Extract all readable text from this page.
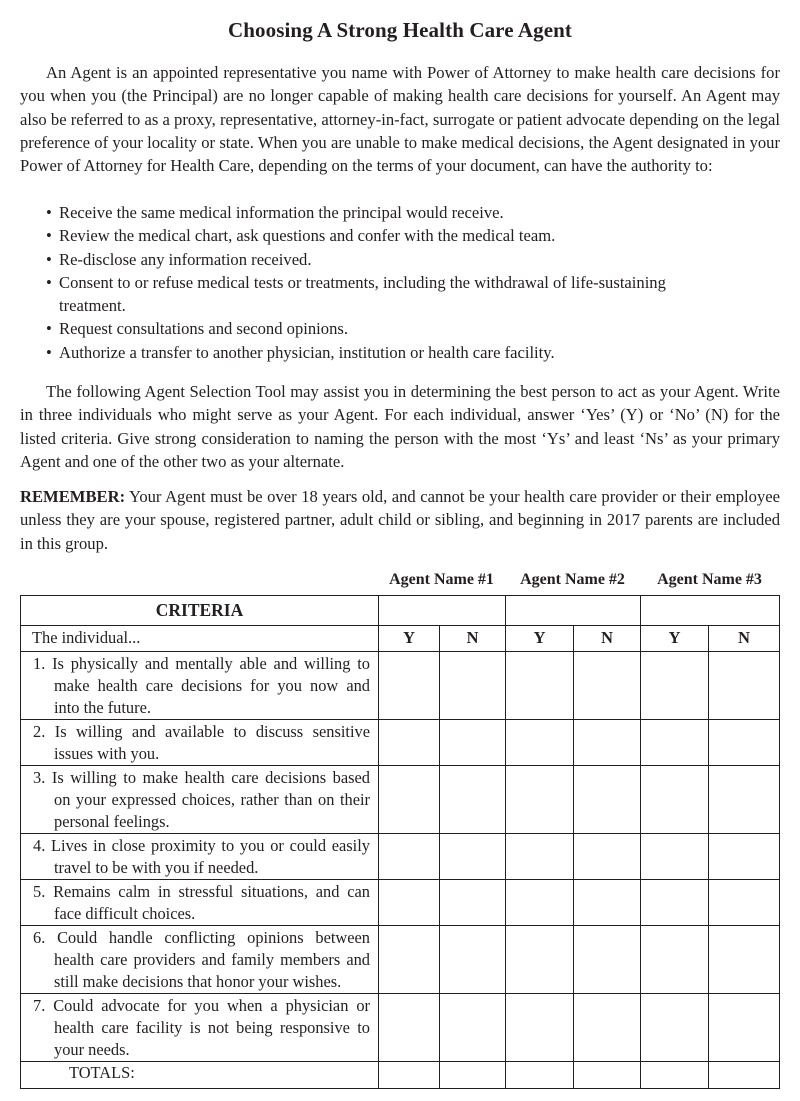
Choosing A Strong Health Care Agent

An Agent is an appointed representative you name with Power of Attorney to make health care decisions for you when you (the Principal) are no longer capable of making health care decisions for yourself. An Agent may also be referred to as a proxy, representative, attorney-in-fact, surrogate or patient advocate depending on the legal preference of your locality or state. When you are unable to make medical decisions, the Agent designated in your Power of Attorney for Health Care, depending on the terms of your document, can have the authority to:

• Receive the same medical information the principal would receive.
• Review the medical chart, ask questions and confer with the medical team.
• Re-disclose any information received.
• Consent to or refuse medical tests or treatments, including the withdrawal of life-sustaining treatment.
• Request consultations and second opinions.
• Authorize a transfer to another physician, institution or health care facility.

The following Agent Selection Tool may assist you in determining the best person to act as your Agent. Write in three individuals who might serve as your Agent. For each individual, answer ‘Yes’ (Y) or ‘No’ (N) for the listed criteria. Give strong consideration to naming the person with the most ‘Ys’ and least ‘Ns’ as your primary Agent and one of the other two as your alternate.

REMEMBER: Your Agent must be over 18 years old, and cannot be your health care provider or their employee unless they are your spouse, registered partner, adult child or sibling, and beginning in 2017 parents are included in this group.

Agent Name #1	Agent Name #2	Agent Name #3
CRITERIA						
The individual...	Y	N	Y	N	Y	N

1. Is physically and mentally able and willing to make health care decisions for you now and into the future.						

2. Is willing and available to discuss sensitive issues with you.						

3. Is willing to make health care decisions based on your expressed choices, rather than on their personal feelings.						

4. Lives in close proximity to you or could easily travel to be with you if needed.						

5. Remains calm in stressful situations, and can face difficult choices.						

6. Could handle conflicting opinions between health care providers and family members and still make decisions that honor your wishes.						

7. Could advocate for you when a physician or health care facility is not being responsive to your needs.						

TOTALS:						
